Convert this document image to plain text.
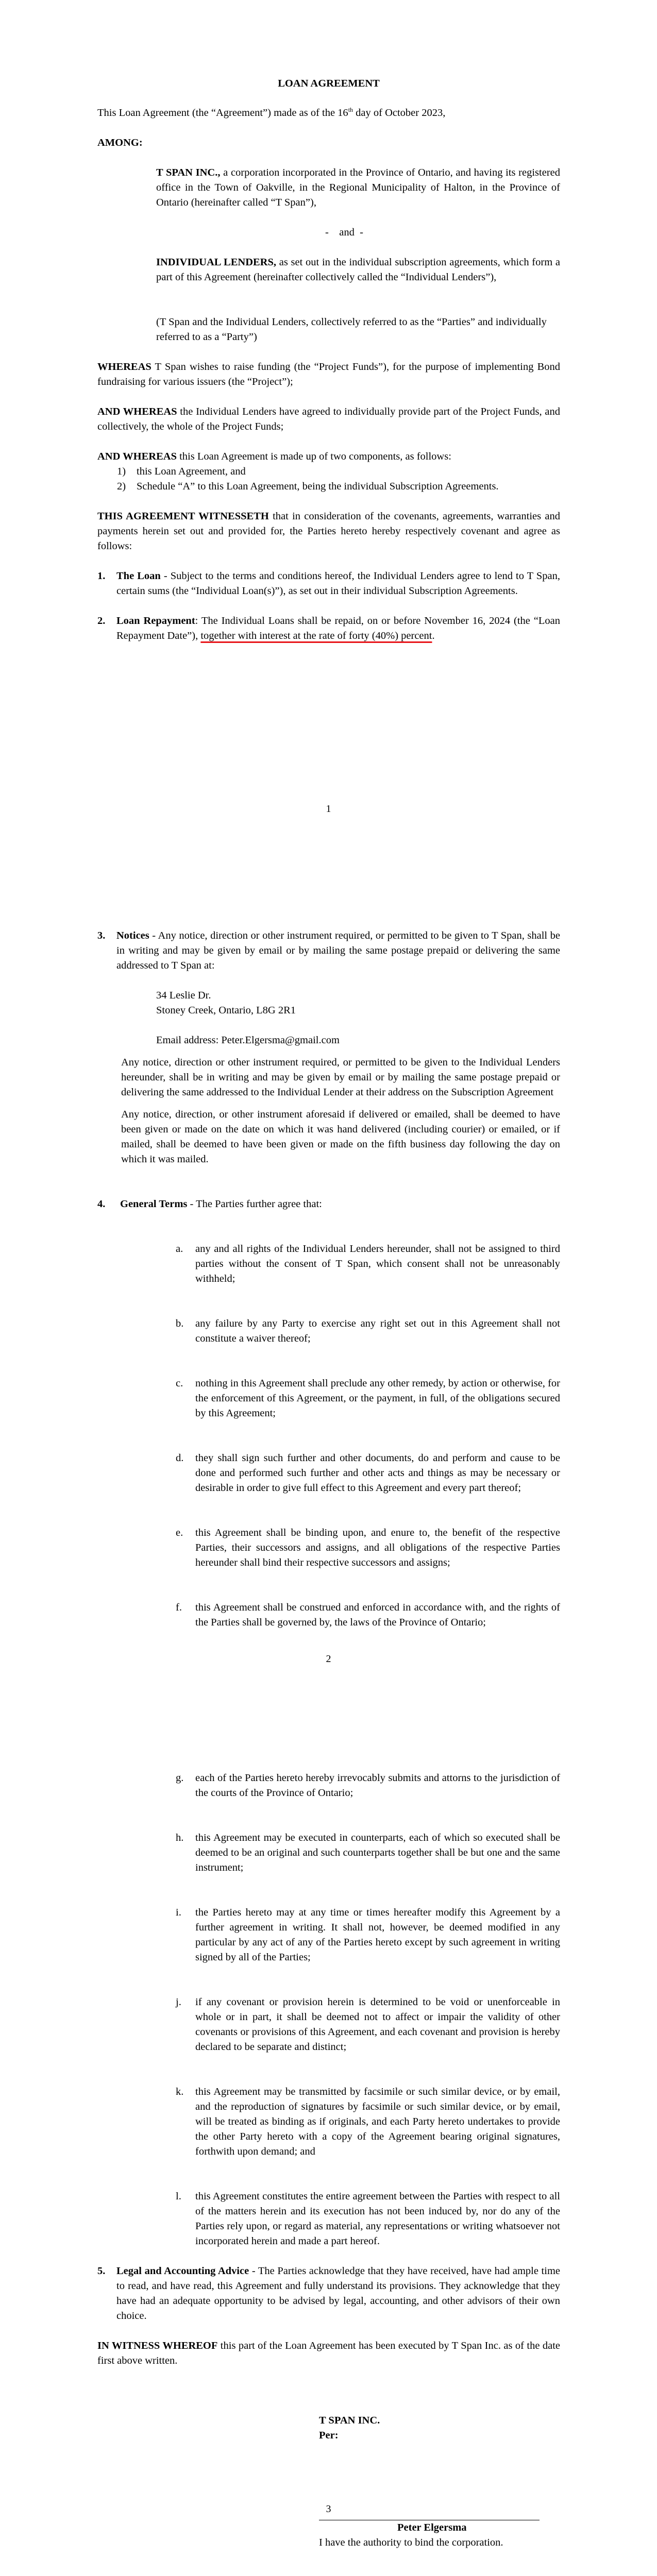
LOAN AGREEMENT

This Loan Agreement (the “Agreement”) made as of the 16th day of October 2023,

AMONG:

T SPAN INC., a corporation incorporated in the Province of Ontario, and having its registered office in the Town of Oakville, in the Regional Municipality of Halton, in the Province of Ontario (hereinafter called “T Span”),

-    and  -

INDIVIDUAL LENDERS, as set out in the individual subscription agreements, which form a part of this Agreement (hereinafter collectively called the “Individual Lenders”),

(T Span and the Individual Lenders, collectively referred to as the “Parties” and individually referred to as a “Party”)

WHEREAS T Span wishes to raise funding (the “Project Funds”), for the purpose of implementing Bond fundraising for various issuers (the “Project”);

AND WHEREAS the Individual Lenders have agreed to individually provide part of the Project Funds, and collectively, the whole of the Project Funds;

AND WHEREAS this Loan Agreement is made up of two components, as follows:

1) this Loan Agreement, and
2) Schedule “A” to this Loan Agreement, being the individual Subscription Agreements.

THIS AGREEMENT WITNESSETH that in consideration of the covenants, agreements, warranties and payments herein set out and provided for, the Parties hereto hereby respectively covenant and agree as follows:

1. The Loan - Subject to the terms and conditions hereof, the Individual Lenders agree to lend to T Span, certain sums (the “Individual Loan(s)”), as set out in their individual Subscription Agreements.
2. Loan Repayment: The Individual Loans shall be repaid, on or before November 16, 2024 (the “Loan Repayment Date”), together with interest at the rate of forty (40%) percent.
1
3. Notices - Any notice, direction or other instrument required, or permitted to be given to T Span, shall be in writing and may be given by email or by mailing the same postage prepaid or delivering the same addressed to T Span at:

34 Leslie Dr.

Stoney Creek, Ontario, L8G 2R1

Email address: Peter.Elgersma@gmail.com

Any notice, direction or other instrument required, or permitted to be given to the Individual Lenders hereunder, shall be in writing and may be given by email or by mailing the same postage prepaid or delivering the same addressed to the Individual Lender at their address on the Subscription Agreement

Any notice, direction, or other instrument aforesaid if delivered or emailed, shall be deemed to have been given or made on the date on which it was hand delivered (including courier) or emailed, or if mailed, shall be deemed to have been given or made on the fifth business day following the day on which it was mailed.

4. General Terms - The Parties further agree that:
a. any and all rights of the Individual Lenders hereunder, shall not be assigned to third parties without the consent of T Span, which consent shall not be unreasonably withheld;
b. any failure by any Party to exercise any right set out in this Agreement shall not constitute a waiver thereof;
c. nothing in this Agreement shall preclude any other remedy, by action or otherwise, for the enforcement of this Agreement, or the payment, in full, of the obligations secured by this Agreement;
d. they shall sign such further and other documents, do and perform and cause to be done and performed such further and other acts and things as may be necessary or desirable in order to give full effect to this Agreement and every part thereof;
e. this Agreement shall be binding upon, and enure to, the benefit of the respective Parties, their successors and assigns, and all obligations of the respective Parties hereunder shall bind their respective successors and assigns;
f. this Agreement shall be construed and enforced in accordance with, and the rights of the Parties shall be governed by, the laws of the Province of Ontario;
2
g. each of the Parties hereto hereby irrevocably submits and attorns to the jurisdiction of the courts of the Province of Ontario;
h. this Agreement may be executed in counterparts, each of which so executed shall be deemed to be an original and such counterparts together shall be but one and the same instrument;
i. the Parties hereto may at any time or times hereafter modify this Agreement by a further agreement in writing. It shall not, however, be deemed modified in any particular by any act of any of the Parties hereto except by such agreement in writing signed by all of the Parties;
j. if any covenant or provision herein is determined to be void or unenforceable in whole or in part, it shall be deemed not to affect or impair the validity of other covenants or provisions of this Agreement, and each covenant and provision is hereby declared to be separate and distinct;
k. this Agreement may be transmitted by facsimile or such similar device, or by email, and the reproduction of signatures by facsimile or such similar device, or by email, will be treated as binding as if originals, and each Party hereto undertakes to provide the other Party hereto with a copy of the Agreement bearing original signatures, forthwith upon demand; and
l. this Agreement constitutes the entire agreement between the Parties with respect to all of the matters herein and its execution has not been induced by, nor do any of the Parties rely upon, or regard as material, any representations or writing whatsoever not incorporated herein and made a part hereof.
5. Legal and Accounting Advice - The Parties acknowledge that they have received, have had ample time to read, and have read, this Agreement and fully understand its provisions. They acknowledge that they have had an adequate opportunity to be advised by legal, accounting, and other advisors of their own choice.

IN WITNESS WHEREOF this part of the Loan Agreement has been executed by T Span Inc. as of the date first above written.

T SPAN INC.

Per:

Peter Elgersma

I have the authority to bind the corporation.

3
